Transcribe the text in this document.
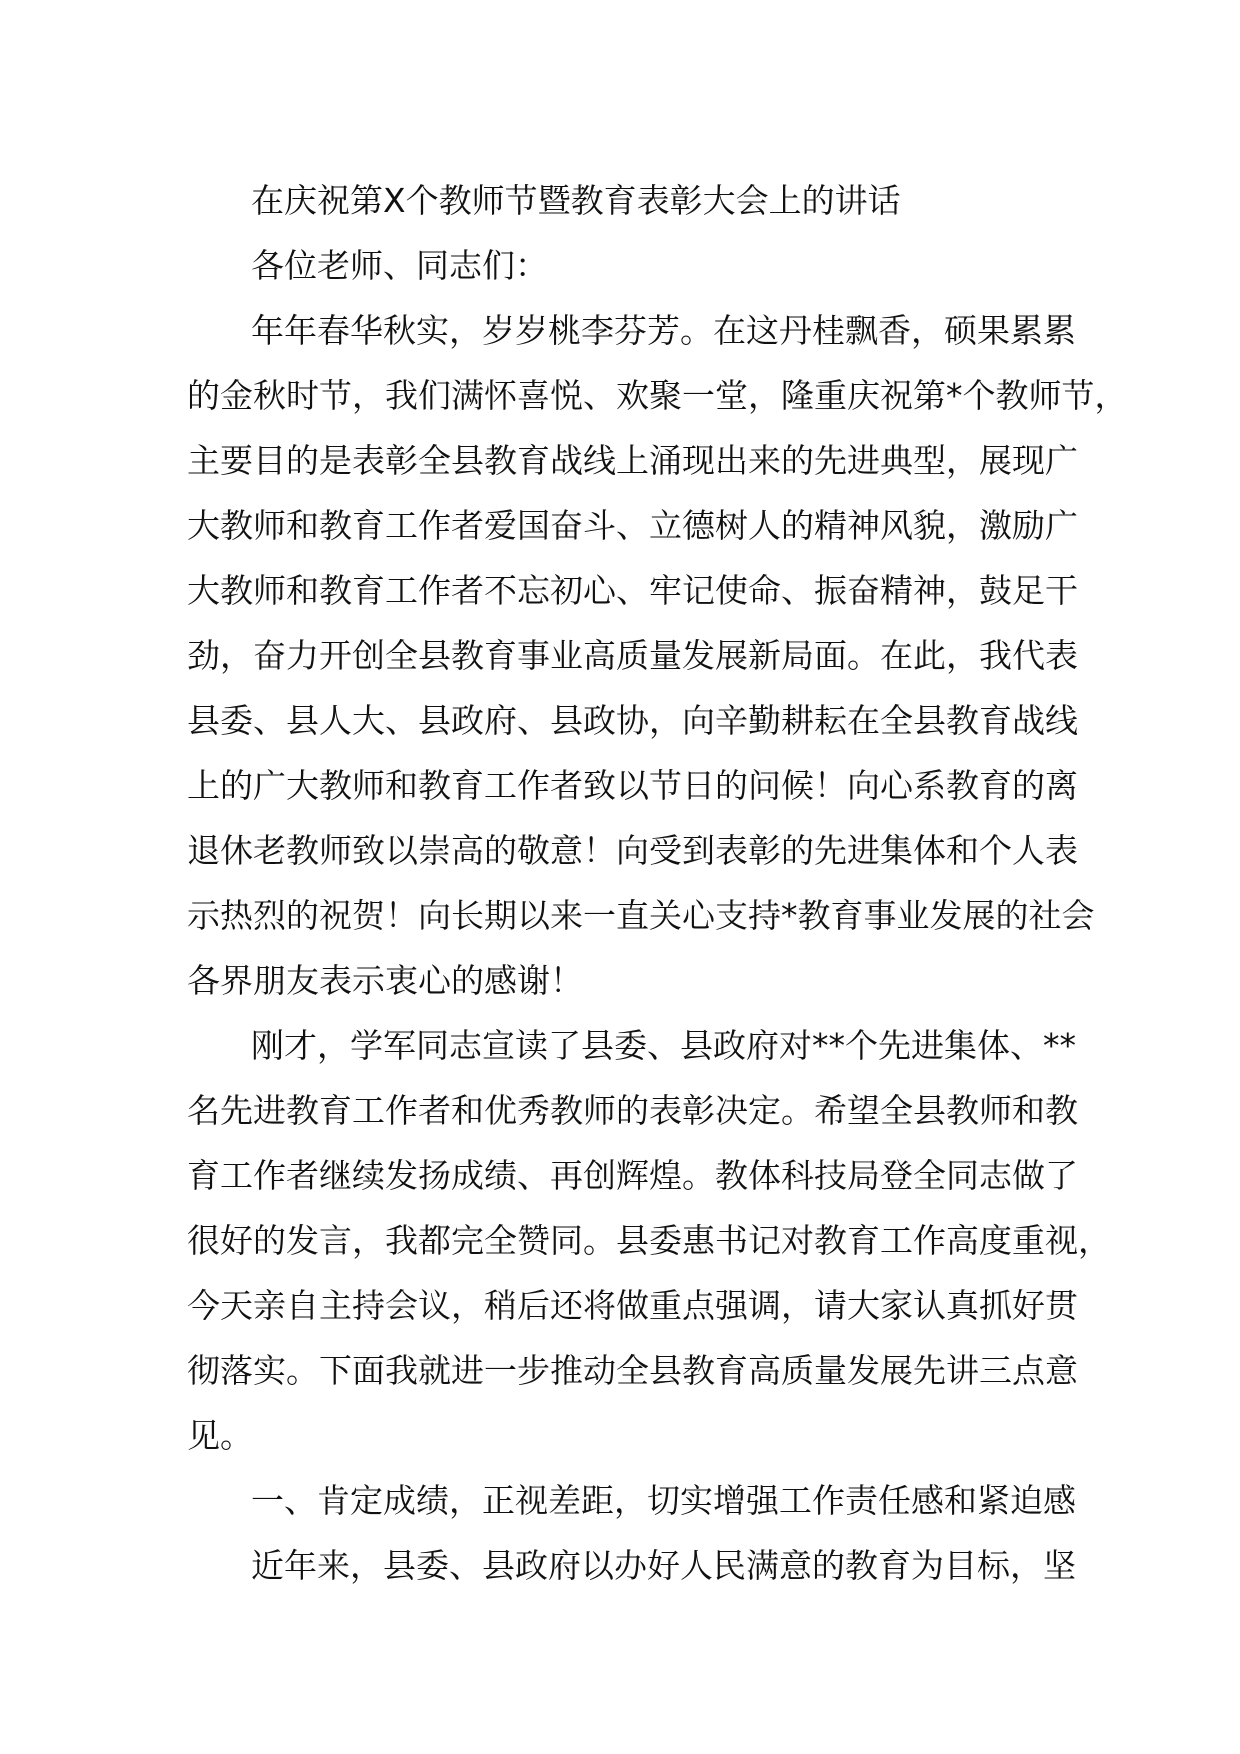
在庆祝第X个教师节暨教育表彰大会上的讲话
各位老师、同志们：
年年春华秋实，岁岁桃李芬芳。在这丹桂飘香，硕果累累
的金秋时节，我们满怀喜悦、欢聚一堂，隆重庆祝第*个教师节，
主要目的是表彰全县教育战线上涌现出来的先进典型，展现广
大教师和教育工作者爱国奋斗、立德树人的精神风貌，激励广
大教师和教育工作者不忘初心、牢记使命、振奋精神，鼓足干
劲，奋力开创全县教育事业高质量发展新局面。在此，我代表
县委、县人大、县政府、县政协，向辛勤耕耘在全县教育战线
上的广大教师和教育工作者致以节日的问候！向心系教育的离
退休老教师致以崇高的敬意！向受到表彰的先进集体和个人表
示热烈的祝贺！向长期以来一直关心支持*教育事业发展的社会
各界朋友表示衷心的感谢！
刚才，学军同志宣读了县委、县政府对**个先进集体、**
名先进教育工作者和优秀教师的表彰决定。希望全县教师和教
育工作者继续发扬成绩、再创辉煌。教体科技局登全同志做了
很好的发言，我都完全赞同。县委惠书记对教育工作高度重视，
今天亲自主持会议，稍后还将做重点强调，请大家认真抓好贯
彻落实。下面我就进一步推动全县教育高质量发展先讲三点意
见。
一、肯定成绩，正视差距，切实增强工作责任感和紧迫感
近年来，县委、县政府以办好人民满意的教育为目标，坚
